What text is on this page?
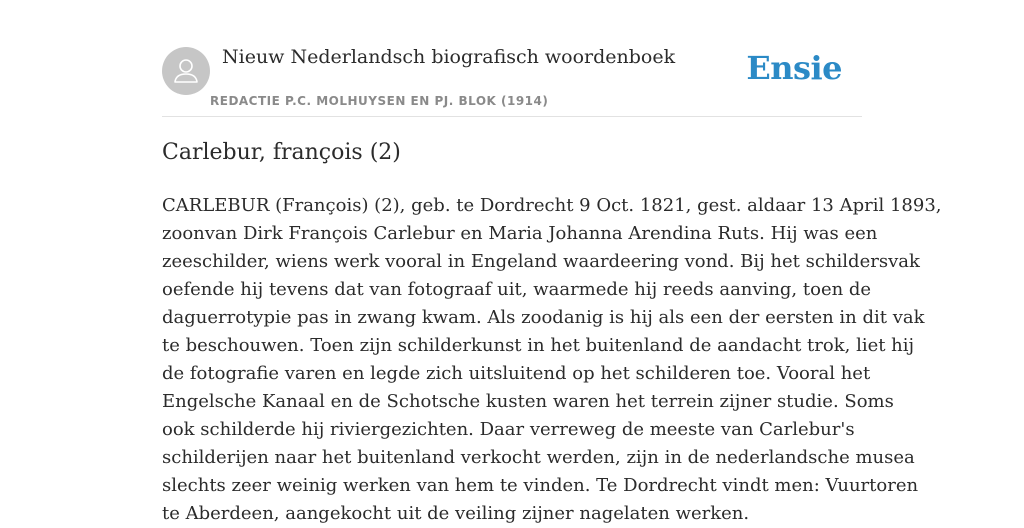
Nieuw Nederlandsch biografisch woordenboek
REDACTIE P.C. MOLHUYSEN EN PJ. BLOK (1914)
Ensie
Carlebur, françois (2)
CARLEBUR (François) (2), geb. te Dordrecht 9 Oct. 1821, gest. aldaar 13 April 1893,
zoonvan Dirk François Carlebur en Maria Johanna Arendina Ruts. Hij was een
zeeschilder, wiens werk vooral in Engeland waardeering vond. Bij het schildersvak
oefende hij tevens dat van fotograaf uit, waarmede hij reeds aanving, toen de
daguerrotypie pas in zwang kwam. Als zoodanig is hij als een der eersten in dit vak
te beschouwen. Toen zijn schilderkunst in het buitenland de aandacht trok, liet hij
de fotografie varen en legde zich uitsluitend op het schilderen toe. Vooral het
Engelsche Kanaal en de Schotsche kusten waren het terrein zijner studie. Soms
ook schilderde hij riviergezichten. Daar verreweg de meeste van Carlebur's
schilderijen naar het buitenland verkocht werden, zijn in de nederlandsche musea
slechts zeer weinig werken van hem te vinden. Te Dordrecht vindt men: Vuurtoren
te Aberdeen, aangekocht uit de veiling zijner nagelaten werken.
